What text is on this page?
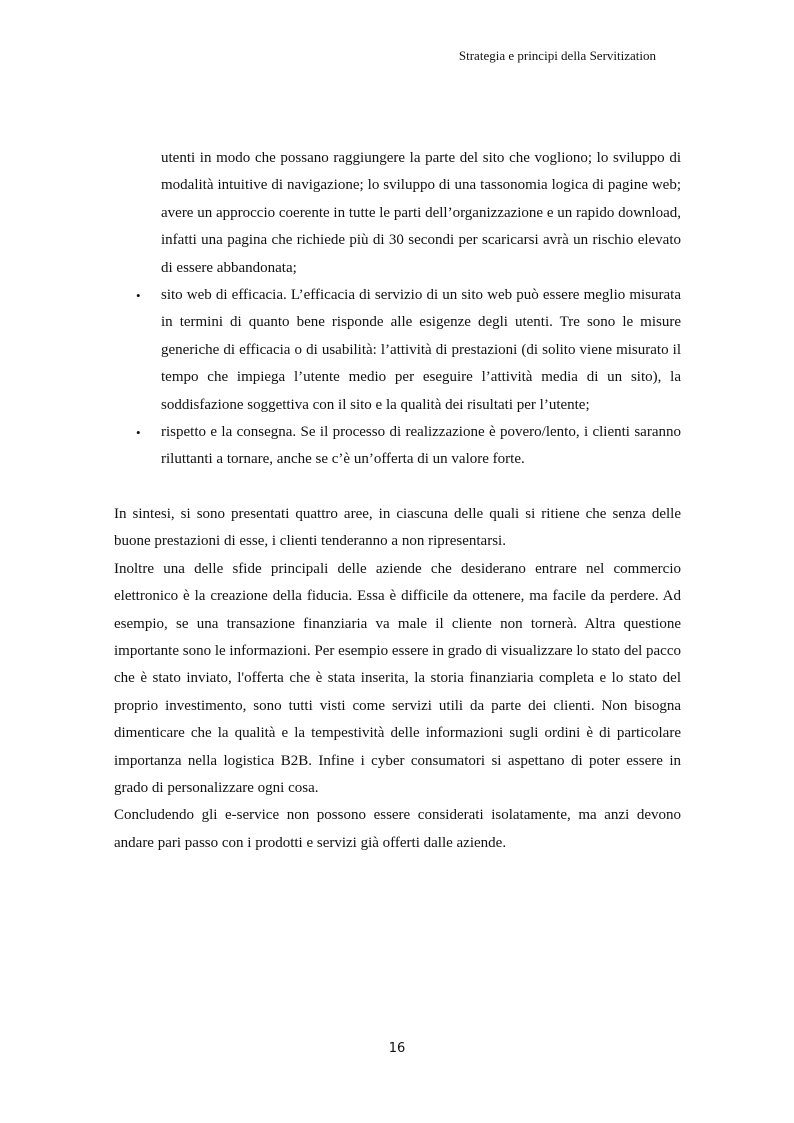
Strategia e principi della Servitization

utenti in modo che possano raggiungere la parte del sito che vogliono; lo sviluppo di modalità intuitive di navigazione; lo sviluppo di una tassonomia logica di pagine web; avere un approccio coerente in tutte le parti dell’organizzazione e un rapido download, infatti una pagina che richiede più di 30 secondi per scaricarsi avrà un rischio elevato di essere abbandonata;

• sito web di efficacia. L’efficacia di servizio di un sito web può essere meglio misurata in termini di quanto bene risponde alle esigenze degli utenti. Tre sono le misure generiche di efficacia o di usabilità: l’attività di prestazioni (di solito viene misurato il tempo che impiega l’utente medio per eseguire l’attività media di un sito), la soddisfazione soggettiva con il sito e la qualità dei risultati per l’utente;
• rispetto e la consegna. Se il processo di realizzazione è povero/lento, i clienti saranno riluttanti a tornare, anche se c’è un’offerta di un valore forte.

In sintesi, si sono presentati quattro aree, in ciascuna delle quali si ritiene che senza delle buone prestazioni di esse, i clienti tenderanno a non ripresentarsi.

Inoltre una delle sfide principali delle aziende che desiderano entrare nel commercio elettronico è la creazione della fiducia. Essa è difficile da ottenere, ma facile da perdere. Ad esempio, se una transazione finanziaria va male il cliente non tornerà. Altra questione importante sono le informazioni. Per esempio essere in grado di visualizzare lo stato del pacco che è stato inviato, l'offerta che è stata inserita, la storia finanziaria completa e lo stato del proprio investimento, sono tutti visti come servizi utili da parte dei clienti. Non bisogna dimenticare che la qualità e la tempestività delle informazioni sugli ordini è di particolare importanza nella logistica B2B. Infine i cyber consumatori si aspettano di poter essere in grado di personalizzare ogni cosa.

Concludendo gli e-service non possono essere considerati isolatamente, ma anzi devono andare pari passo con i prodotti e servizi già offerti dalle aziende.

16
